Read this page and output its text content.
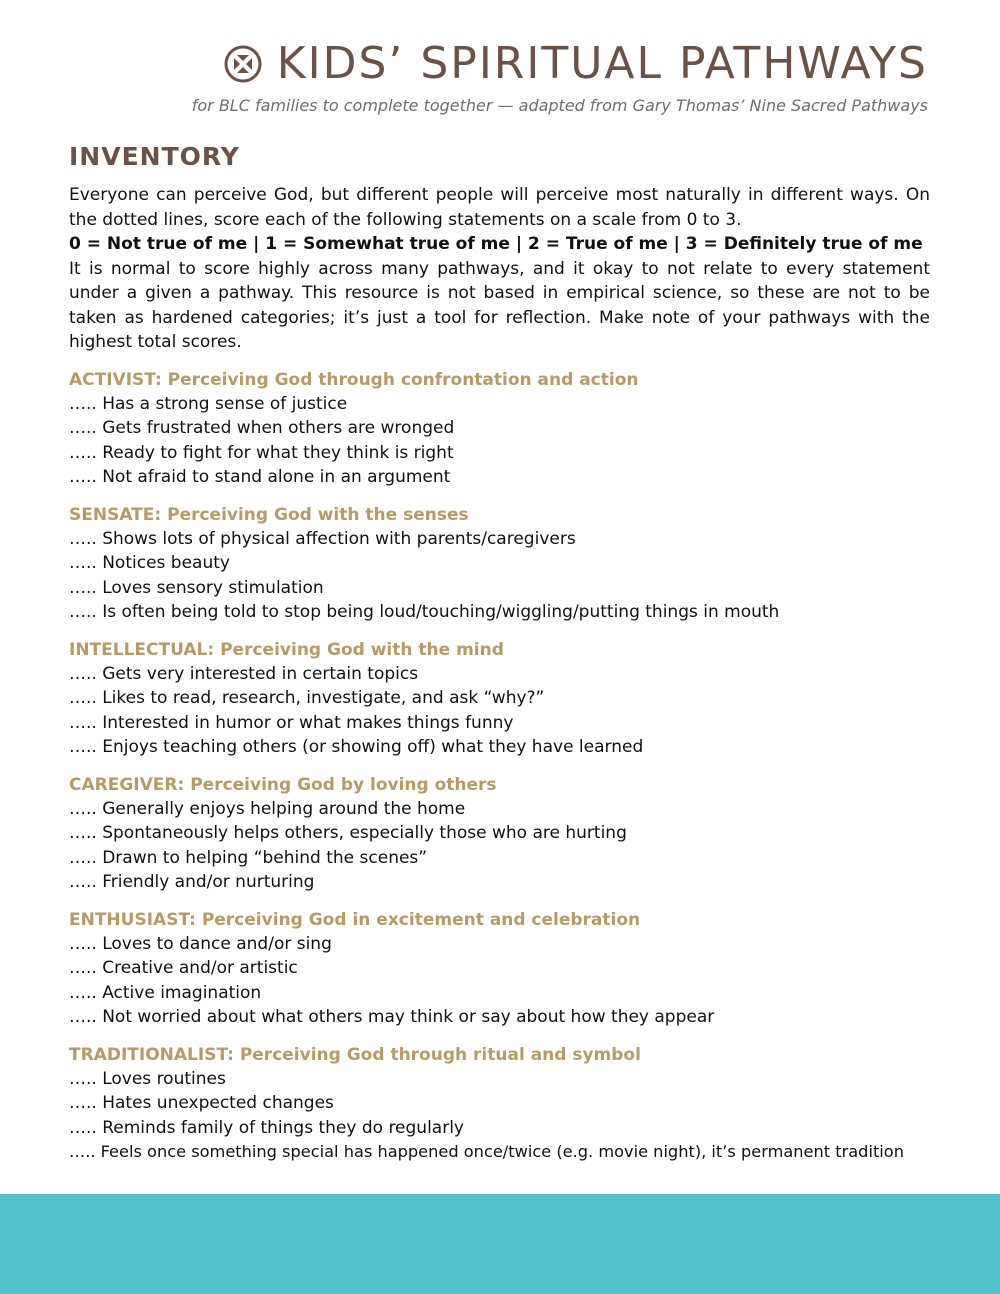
KIDS’ SPIRITUAL PATHWAYS
for BLC families to complete together — adapted from Gary Thomas’ Nine Sacred Pathways
INVENTORY

Everyone can perceive God, but different people will perceive most naturally in different ways. On the dotted lines, score each of the following statements on a scale from 0 to 3.

0 = Not true of me | 1 = Somewhat true of me | 2 = True of me | 3 = Definitely true of me

It is normal to score highly across many pathways, and it okay to not relate to every statement under a given a pathway. This resource is not based in empirical science, so these are not to be taken as hardened categories; it’s just a tool for reflection. Make note of your pathways with the highest total scores.

ACTIVIST: Perceiving God through confrontation and action
….. Has a strong sense of justice
….. Gets frustrated when others are wronged
….. Ready to fight for what they think is right
….. Not afraid to stand alone in an argument
SENSATE: Perceiving God with the senses
….. Shows lots of physical affection with parents/caregivers
….. Notices beauty
….. Loves sensory stimulation
….. Is often being told to stop being loud/touching/wiggling/putting things in mouth
INTELLECTUAL: Perceiving God with the mind
….. Gets very interested in certain topics
….. Likes to read, research, investigate, and ask “why?”
….. Interested in humor or what makes things funny
….. Enjoys teaching others (or showing off) what they have learned
CAREGIVER: Perceiving God by loving others
….. Generally enjoys helping around the home
….. Spontaneously helps others, especially those who are hurting
….. Drawn to helping “behind the scenes”
….. Friendly and/or nurturing
ENTHUSIAST: Perceiving God in excitement and celebration
….. Loves to dance and/or sing
….. Creative and/or artistic
….. Active imagination
….. Not worried about what others may think or say about how they appear
TRADITIONALIST: Perceiving God through ritual and symbol
….. Loves routines
….. Hates unexpected changes
….. Reminds family of things they do regularly
….. Feels once something special has happened once/twice (e.g. movie night), it’s permanent tradition
